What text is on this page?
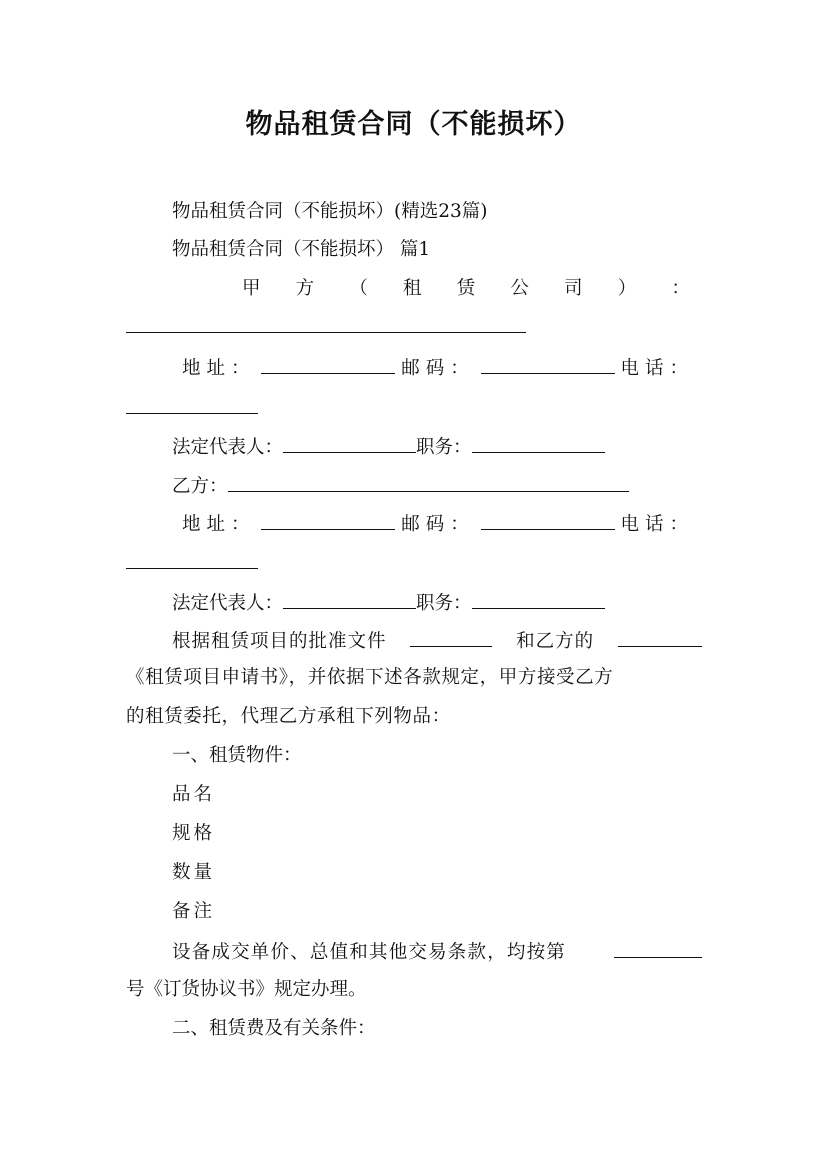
物品租赁合同（不能损坏）
物品租赁合同（不能损坏）(精选23篇)
物品租赁合同（不能损坏） 篇1
甲 方 （ 租 赁 公 司 ） ：
地址：	邮码：	电话：
法定代表人：	职务：
乙方：
地址：	邮码：	电话：
法定代表人：	职务：
根据租赁项目的批准文件	和乙方的
《租赁项目申请书》，并依据下述各款规定，甲方接受乙方
的租赁委托，代理乙方承租下列物品：
一、租赁物件：
品名
规格
数量
备注
设备成交单价、总值和其他交易条款，均按第
号《订货协议书》规定办理。
二、租赁费及有关条件：
